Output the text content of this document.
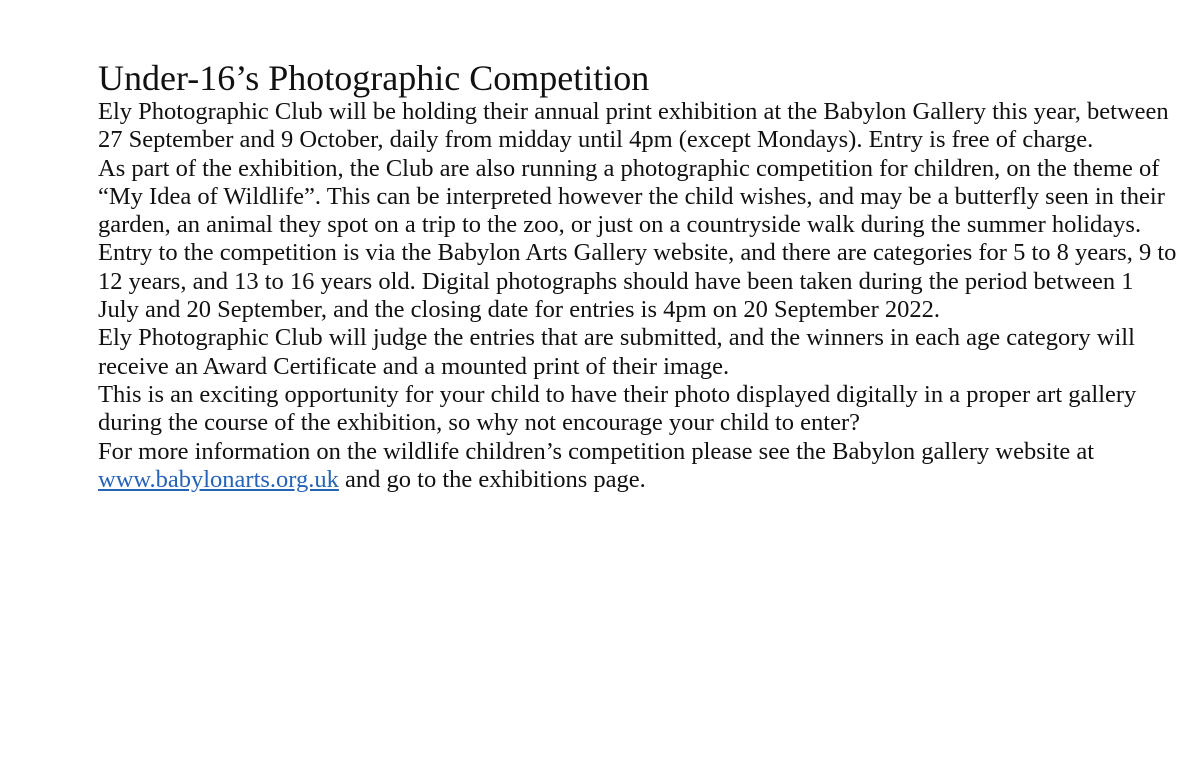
Under-16’s Photographic Competition

Ely Photographic Club will be holding their annual print exhibition at the Babylon Gallery this year, between 27 September and 9 October, daily from midday until 4pm (except Mondays). Entry is free of charge.

As part of the exhibition, the Club are also running a photographic competition for children, on the theme of “My Idea of Wildlife”. This can be interpreted however the child wishes, and may be a butterfly seen in their garden, an animal they spot on a trip to the zoo, or just on a countryside walk during the summer holidays.

Entry to the competition is via the Babylon Arts Gallery website, and there are categories for 5 to 8 years, 9 to 12 years, and 13 to 16 years old. Digital photographs should have been taken during the period between 1 July and 20 September, and the closing date for entries is 4pm on 20 September 2022.

Ely Photographic Club will judge the entries that are submitted, and the winners in each age category will receive an Award Certificate and a mounted print of their image.

This is an exciting opportunity for your child to have their photo displayed digitally in a proper art gallery during the course of the exhibition, so why not encourage your child to enter?

For more information on the wildlife children’s competition please see the Babylon gallery website at www.babylonarts.org.uk and go to the exhibitions page.
